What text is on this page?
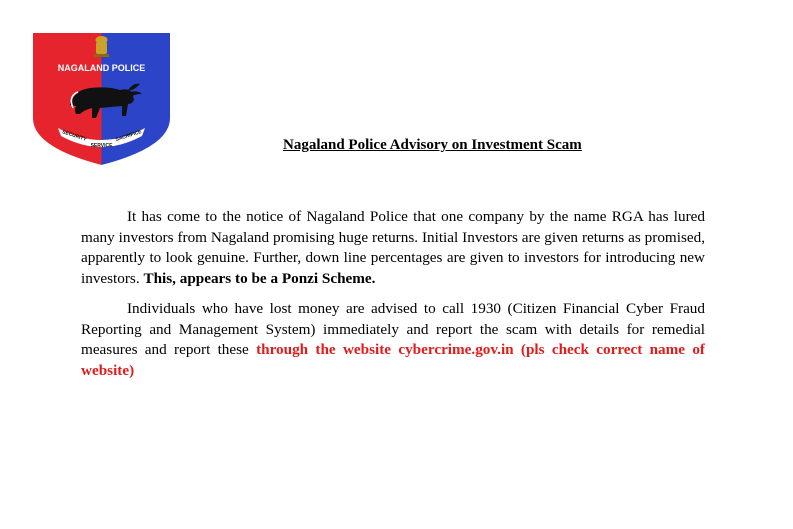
NAGALAND POLICE
SECURITY
SERVICE
SACRIFICE
Nagaland Police Advisory on Investment Scam

It has come to the notice of Nagaland Police that one company by the name RGA has lured many investors from Nagaland promising huge returns. Initial Investors are given returns as promised, apparently to look genuine. Further, down line percentages are given to investors for introducing new investors. This, appears to be a Ponzi Scheme.

Individuals who have lost money are advised to call 1930 (Citizen Financial Cyber Fraud Reporting and Management System) immediately and report the scam with details for remedial measures and report these through the website cybercrime.gov.in (pls check correct name of website)
